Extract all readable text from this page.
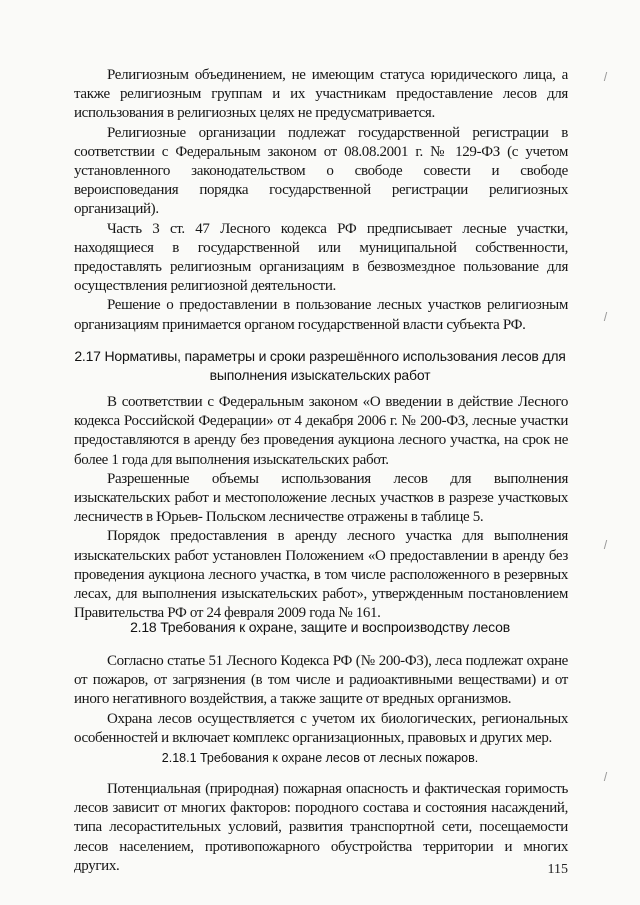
Религиозным объединением, не имеющим статуса юридического лица, а также религиозным группам и их участникам предоставление лесов для использования в религиозных целях не предусматривается.

Религиозные организации подлежат государственной регистрации в соответствии с Федеральным законом от 08.08.2001 г. № 129-ФЗ (с учетом установленного законодательством о свободе совести и свободе вероисповедания порядка государственной регистрации религиозных организаций).

Часть 3 ст. 47 Лесного кодекса РФ предписывает лесные участки, находящиеся в государственной или муниципальной собственности, предоставлять религиозным организациям в безвозмездное пользование для осуществления религиозной деятельности.

Решение о предоставлении в пользование лесных участков религиозным организациям принимается органом государственной власти субъекта РФ.

2.17 Нормативы, параметры и сроки разрешённого использования лесов для
выполнения изыскательских работ

В соответствии с Федеральным законом «О введении в действие Лесного кодекса Российской Федерации» от 4 декабря 2006 г. № 200-ФЗ, лесные участки предоставляются в аренду без проведения аукциона лесного участка, на срок не более 1 года для выполнения изыскательских работ.

Разрешенные объемы использования лесов для выполнения изыскательских работ и местоположение лесных участков в разрезе участковых лесничеств в Юрьев- Польском лесничестве отражены в таблице 5.

Порядок предоставления в аренду лесного участка для выполнения изыскательских работ установлен Положением «О предоставлении в аренду без проведения аукциона лесного участка, в том числе расположенного в резервных лесах, для выполнения изыскательских работ», утвержденным постановлением Правительства РФ от 24 февраля 2009 года № 161.

2.18 Требования к охране, защите и воспроизводству лесов

Согласно статье 51 Лесного Кодекса РФ (№ 200-ФЗ), леса подлежат охране от пожаров, от загрязнения (в том числе и радиоактивными веществами) и от иного негативного воздействия, а также защите от вредных организмов.

Охрана лесов осуществляется с учетом их биологических, региональных особенностей и включает комплекс организационных, правовых и других мер.

2.18.1 Требования к охране лесов от лесных пожаров.

Потенциальная (природная) пожарная опасность и фактическая горимость лесов зависит от многих факторов: породного состава и состояния насаждений, типа лесорастительных условий, развития транспортной сети, посещаемости лесов населением, противопожарного обустройства территории и многих других.	115
